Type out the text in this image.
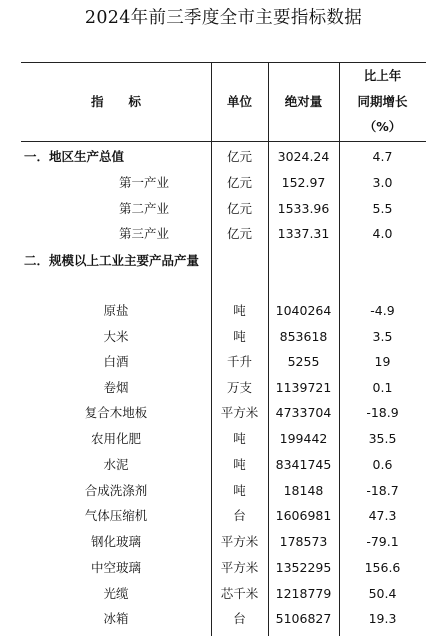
2024年前三季度全市主要指标数据
指　　标	单位	绝对量
比上年
同期增长
（%）
一．地区生产总值	亿元	3024.24	4.7
第一产业	亿元	152.97	3.0
第二产业	亿元	1533.96	5.5
第三产业	亿元	1337.31	4.0
二．规模以上工业主要产品产量
原盐	吨	1040264	-4.9
大米	吨	853618	3.5
白酒	千升	5255	19
卷烟	万支	1139721	0.1
复合木地板	平方米	4733704	-18.9
农用化肥	吨	199442	35.5
水泥	吨	8341745	0.6
合成洗涤剂	吨	18148	-18.7
气体压缩机	台	1606981	47.3
钢化玻璃	平方米	178573	-79.1
中空玻璃	平方米	1352295	156.6
光缆	芯千米	1218779	50.4
冰箱	台	5106827	19.3
